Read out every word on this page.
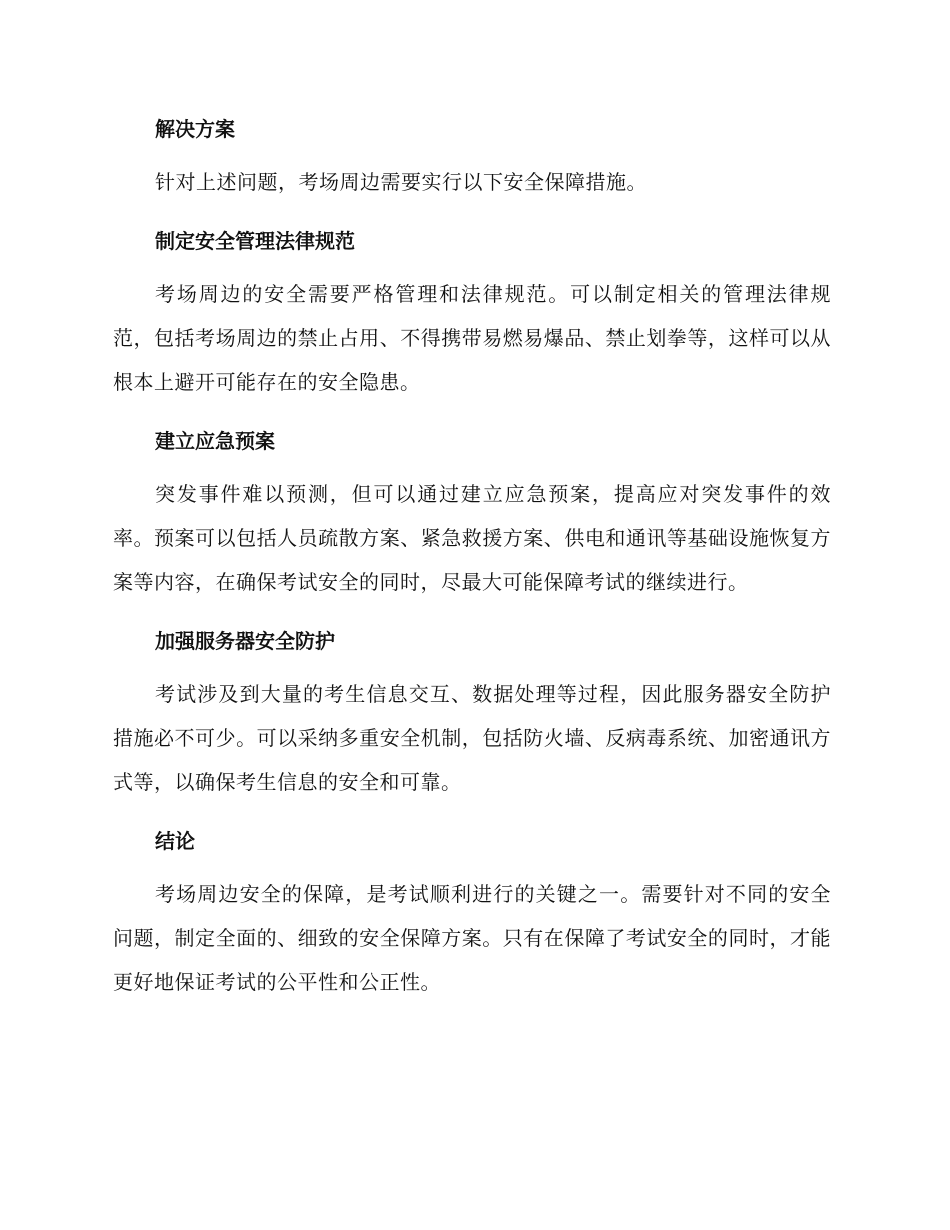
解决方案

针对上述问题，考场周边需要实行以下安全保障措施。

制定安全管理法律规范

考场周边的安全需要严格管理和法律规范。可以制定相关的管理法律规范，包括考场周边的禁止占用、不得携带易燃易爆品、禁止划拳等，这样可以从根本上避开可能存在的安全隐患。

建立应急预案

突发事件难以预测，但可以通过建立应急预案，提高应对突发事件的效率。预案可以包括人员疏散方案、紧急救援方案、供电和通讯等基础设施恢复方案等内容，在确保考试安全的同时，尽最大可能保障考试的继续进行。

加强服务器安全防护

考试涉及到大量的考生信息交互、数据处理等过程，因此服务器安全防护措施必不可少。可以采纳多重安全机制，包括防火墙、反病毒系统、加密通讯方式等，以确保考生信息的安全和可靠。

结论

考场周边安全的保障，是考试顺利进行的关键之一。需要针对不同的安全问题，制定全面的、细致的安全保障方案。只有在保障了考试安全的同时，才能更好地保证考试的公平性和公正性。
